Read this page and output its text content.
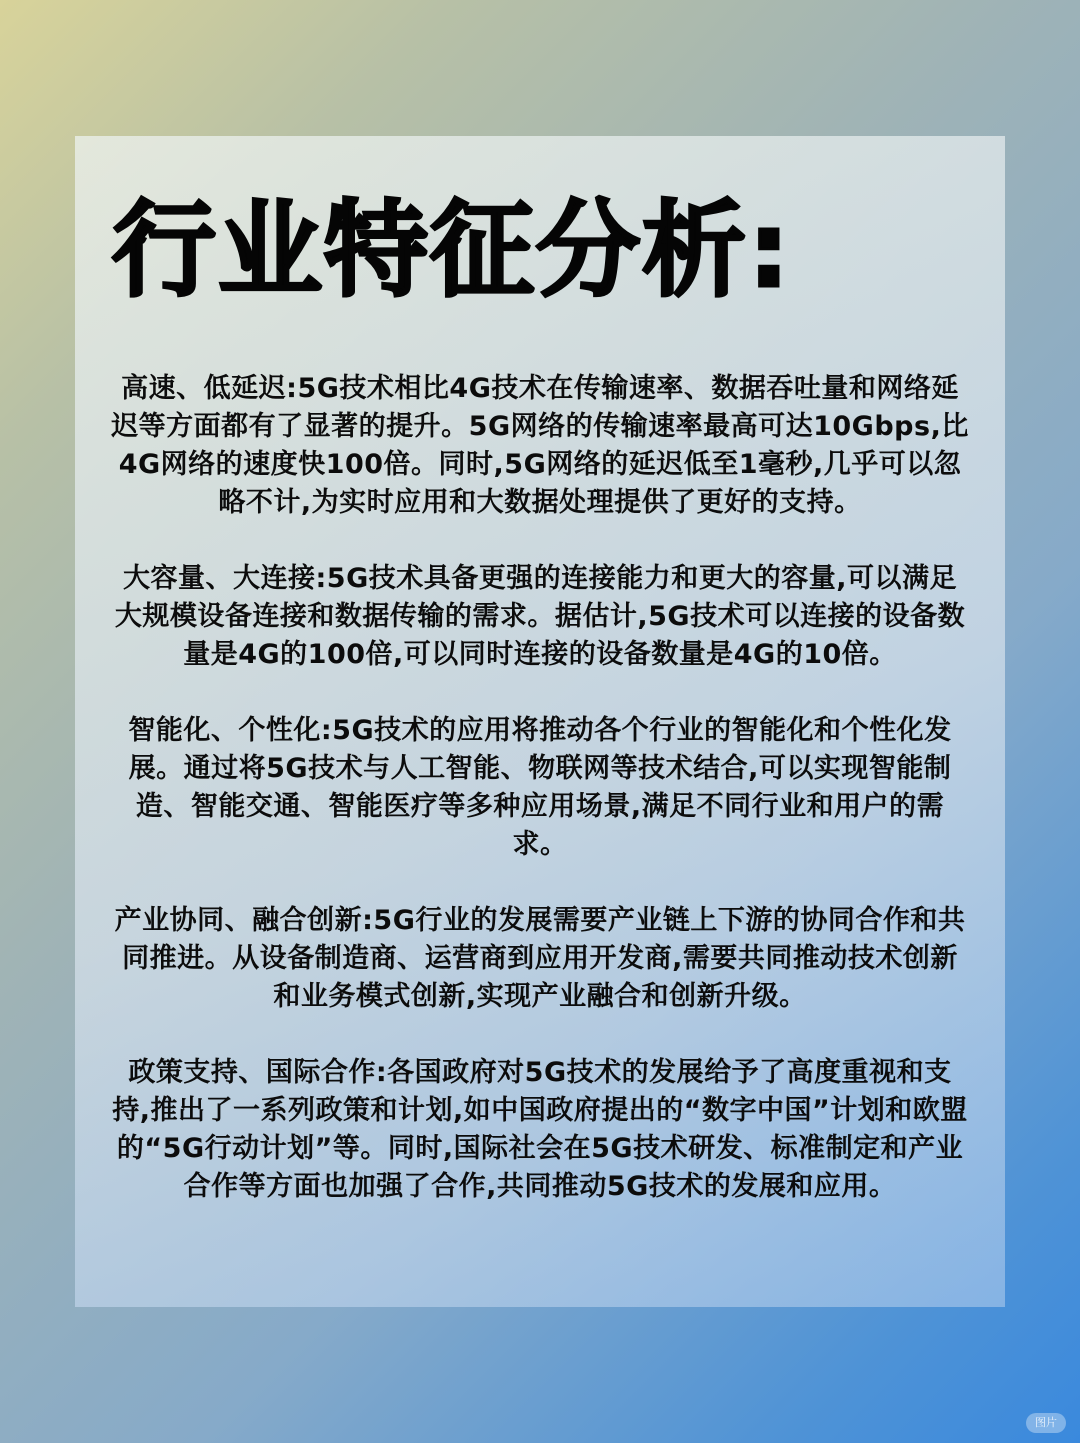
行业特征分析:

高速、低延迟:5G技术相比4G技术在传输速率、数据吞吐量和网络延迟等方面都有了显著的提升。5G网络的传输速率最高可达10Gbps,比4G网络的速度快100倍。同时,5G网络的延迟低至1毫秒,几乎可以忽略不计,为实时应用和大数据处理提供了更好的支持。

大容量、大连接:5G技术具备更强的连接能力和更大的容量,可以满足大规模设备连接和数据传输的需求。据估计,5G技术可以连接的设备数量是4G的100倍,可以同时连接的设备数量是4G的10倍。

智能化、个性化:5G技术的应用将推动各个行业的智能化和个性化发展。通过将5G技术与人工智能、物联网等技术结合,可以实现智能制造、智能交通、智能医疗等多种应用场景,满足不同行业和用户的需求。

产业协同、融合创新:5G行业的发展需要产业链上下游的协同合作和共同推进。从设备制造商、运营商到应用开发商,需要共同推动技术创新和业务模式创新,实现产业融合和创新升级。

政策支持、国际合作:各国政府对5G技术的发展给予了高度重视和支持,推出了一系列政策和计划,如中国政府提出的“数字中国”计划和欧盟的“5G行动计划”等。同时,国际社会在5G技术研发、标准制定和产业合作等方面也加强了合作,共同推动5G技术的发展和应用。

图片
